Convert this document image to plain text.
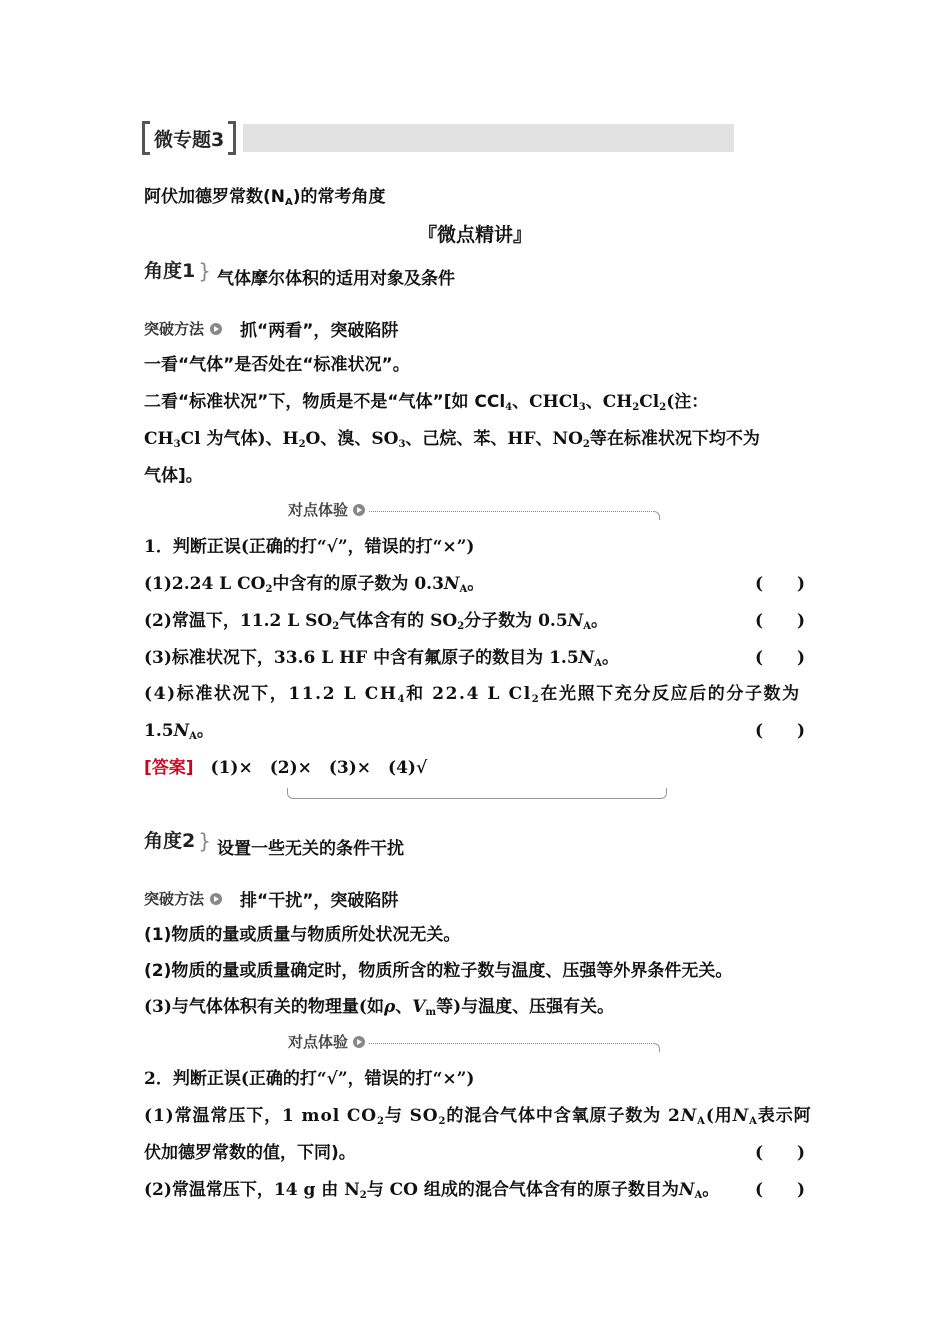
微专题3
阿伏加德罗常数$(N_A)$的常考角度
『微点精讲』
角度1 } 气体摩尔体积的适用对象及条件
突破方法 抓“两看”，突破陷阱
一看“气体”是否处在“标准状况”。
二看“标准状况”下，物质是不是“气体”[如 CCl$_4$、CHCl$_3$、$CH_2Cl_2$(注：
$CH_3Cl$ 为气体)、$H_2O$、溴、$SO_3$、己烷、苯、HF、$NO_2$等在标准状况下均不为
气体]。
对点体验
1．判断正误(正确的打“√”，错误的打“×”)
(1)2.24 L $CO_2$中含有的原子数为 $0.3N_A$。	(　　)
(2)常温下，11.2 L $SO_2$气体含有的 $SO_2$分子数为 $0.5N_A$。	(　　)
(3)标准状况下，33.6 L HF 中含有氟原子的数目为 $1.5N_A$。	(　　)
(4)标准状况下，11.2 L $CH_4$和 22.4 L $Cl_2$在光照下充分反应后的分子数为
$1.5N_A$。	(　　)
[答案]　 (1)×　(2)×　(3)×　(4)√
角度2 } 设置一些无关的条件干扰
突破方法 排“干扰”，突破陷阱
(1)物质的量或质量与物质所处状况无关。
(2)物质的量或质量确定时，物质所含的粒子数与温度、压强等外界条件无关。
(3)与气体体积有关的物理量(如ρ、$V_m$等)与温度、压强有关。
对点体验
2．判断正误(正确的打“√”，错误的打“×”)
(1)常温常压下，1 mol $CO_2$与 $SO_2$的混合气体中含氧原子数为 $2N_A$(用$N_A$表示阿
伏加德罗常数的值，下同)。	(　　)
(2)常温常压下，14 g 由 $N_2$与 CO 组成的混合气体含有的原子数目为$N_A$。 (　　)
